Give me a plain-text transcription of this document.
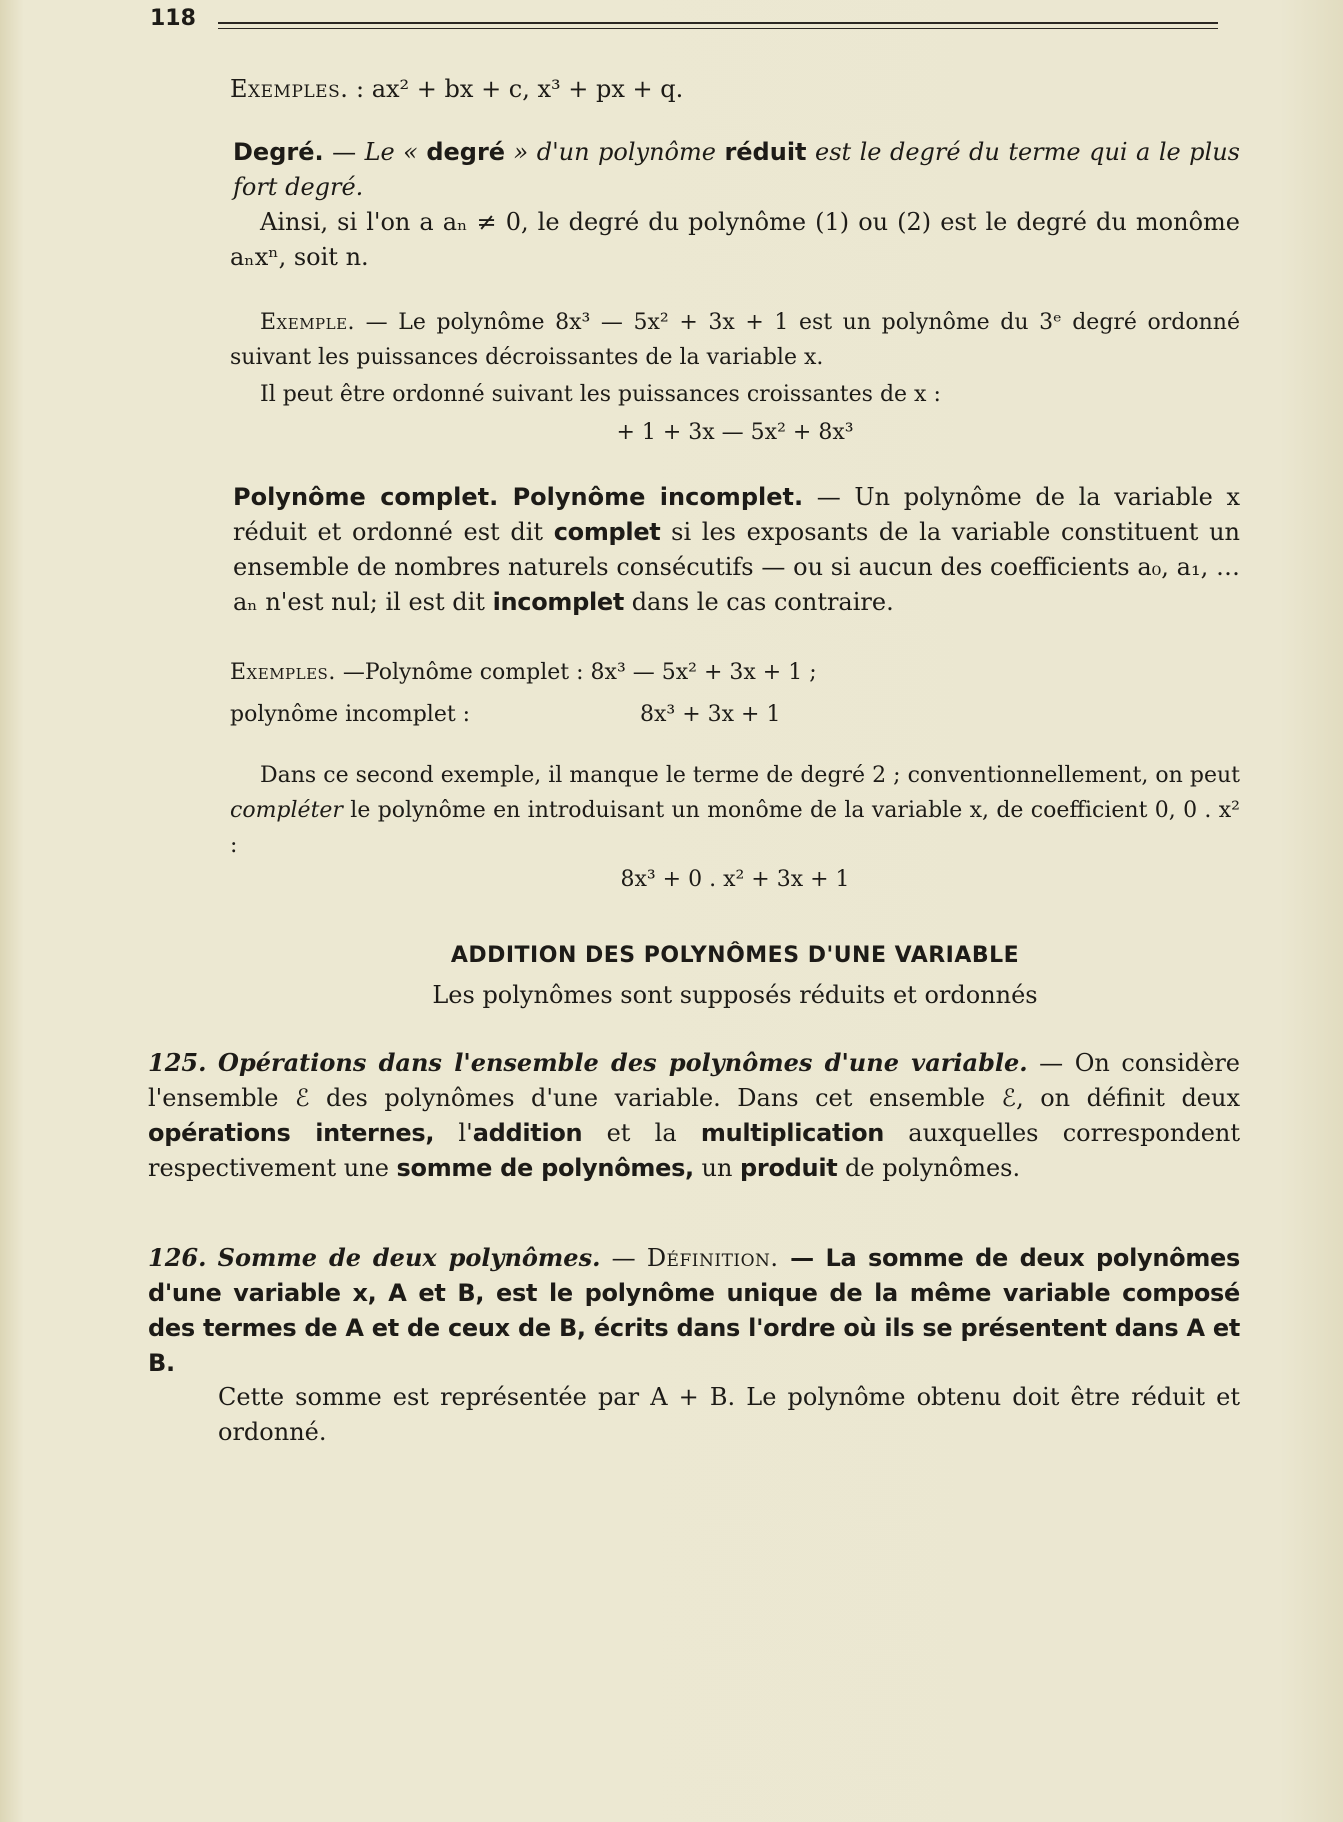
118

Exemples. : ax² + bx + c, x³ + px + q.

Degré. — Le « degré » d'un polynôme réduit est le degré du terme qui a le plus fort degré.

Ainsi, si l'on a aₙ ≠ 0, le degré du polynôme (1) ou (2) est le degré du monôme aₙxⁿ, soit n.

Exemple. — Le polynôme 8x³ — 5x² + 3x + 1 est un polynôme du 3ᵉ degré ordonné suivant les puissances décroissantes de la variable x.

Il peut être ordonné suivant les puissances croissantes de x :

+ 1 + 3x — 5x² + 8x³

Polynôme complet. Polynôme incomplet. — Un polynôme de la variable x réduit et ordonné est dit complet si les exposants de la variable constituent un ensemble de nombres naturels consécutifs — ou si aucun des coefficients a₀, a₁, … aₙ n'est nul; il est dit incomplet dans le cas contraire.

Exemples. —Polynôme complet : 8x³ — 5x² + 3x + 1 ;

polynôme incomplet :	8x³ + 3x + 1

Dans ce second exemple, il manque le terme de degré 2 ; conventionnellement, on peut compléter le polynôme en introduisant un monôme de la variable x, de coefficient 0, 0 . x² :

8x³ + 0 . x² + 3x + 1

ADDITION DES POLYNÔMES D'UNE VARIABLE

Les polynômes sont supposés réduits et ordonnés

125. Opérations dans l'ensemble des polynômes d'une variable. — On considère l'ensemble ℰ des polynômes d'une variable. Dans cet ensemble ℰ, on définit deux opérations internes, l'addition et la multiplication auxquelles correspondent respectivement une somme de polynômes, un produit de polynômes.

126. Somme de deux polynômes. — Définition. — La somme de deux polynômes d'une variable x, A et B, est le polynôme unique de la même variable composé des termes de A et de ceux de B, écrits dans l'ordre où ils se présentent dans A et B.

Cette somme est représentée par A + B. Le polynôme obtenu doit être réduit et ordonné.
